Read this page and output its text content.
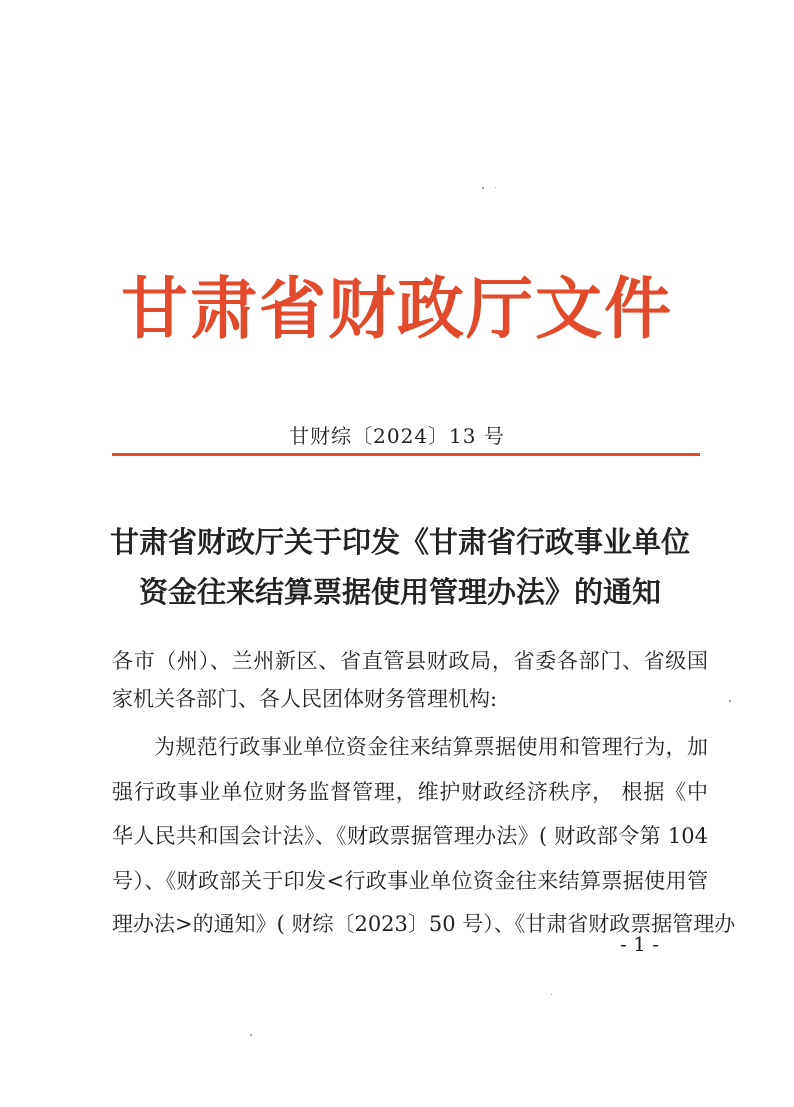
甘肃省财政厅文件
甘财综〔2024〕13 号
甘肃省财政厅关于印发《甘肃省行政事业单位
资金往来结算票据使用管理办法》的通知
各市（州）、兰州新区、省直管县财政局，省委各部门、省级国
家机关各部门、各人民团体财务管理机构:
为规范行政事业单位资金往来结算票据使用和管理行为，加
强行政事业单位财务监督管理，维护财政经济秩序， 根据《中
华人民共和国会计法》、《财政票据管理办法》( 财政部令第 104
号）、《财政部关于印发<行政事业单位资金往来结算票据使用管
理办法>的通知》( 财综〔2023〕50 号）、《甘肃省财政票据管理办
- 1 -
